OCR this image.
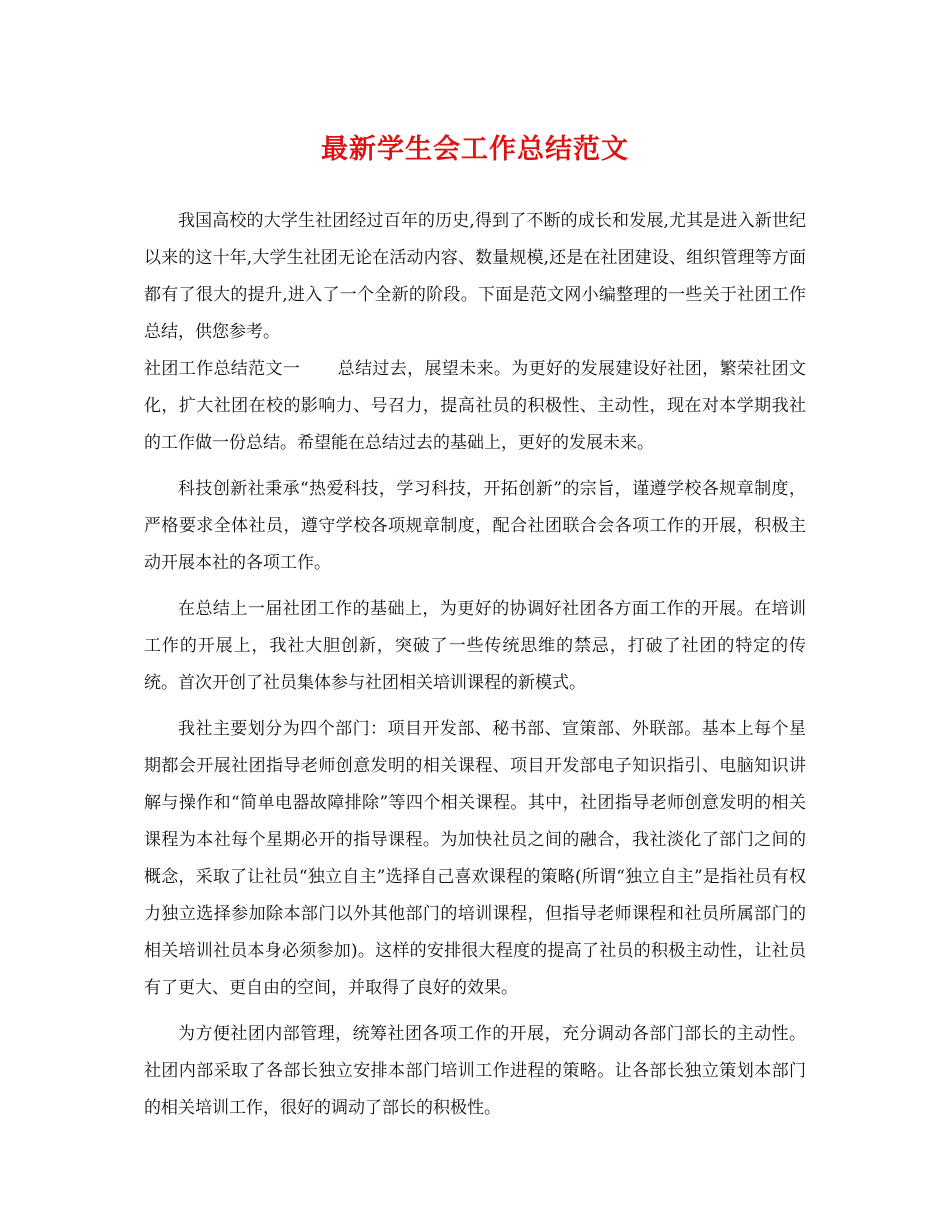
最新学生会工作总结范文

我国高校的大学生社团经过百年的历史,得到了不断的成长和发展,尤其是进入新世纪以来的这十年,大学生社团无论在活动内容、数量规模,还是在社团建设、组织管理等方面都有了很大的提升,进入了一个全新的阶段。下面是范文网小编整理的一些关于社团工作总结，供您参考。

社团工作总结范文一 总结过去，展望未来。为更好的发展建设好社团，繁荣社团文化，扩大社团在校的影响力、号召力，提高社员的积极性、主动性，现在对本学期我社的工作做一份总结。希望能在总结过去的基础上，更好的发展未来。

科技创新社秉承“热爱科技，学习科技，开拓创新”的宗旨，谨遵学校各规章制度，严格要求全体社员，遵守学校各项规章制度，配合社团联合会各项工作的开展，积极主动开展本社的各项工作。

在总结上一届社团工作的基础上，为更好的协调好社团各方面工作的开展。在培训工作的开展上，我社大胆创新，突破了一些传统思维的禁忌，打破了社团的特定的传统。首次开创了社员集体参与社团相关培训课程的新模式。

我社主要划分为四个部门：项目开发部、秘书部、宣策部、外联部。基本上每个星期都会开展社团指导老师创意发明的相关课程、项目开发部电子知识指引、电脑知识讲解与操作和“简单电器故障排除”等四个相关课程。其中，社团指导老师创意发明的相关课程为本社每个星期必开的指导课程。为加快社员之间的融合，我社淡化了部门之间的概念，采取了让社员“独立自主”选择自己喜欢课程的策略(所谓“独立自主”是指社员有权力独立选择参加除本部门以外其他部门的培训课程，但指导老师课程和社员所属部门的相关培训社员本身必须参加)。这样的安排很大程度的提高了社员的积极主动性，让社员有了更大、更自由的空间，并取得了良好的效果。

为方便社团内部管理，统筹社团各项工作的开展，充分调动各部门部长的主动性。社团内部采取了各部长独立安排本部门培训工作进程的策略。让各部长独立策划本部门的相关培训工作，很好的调动了部长的积极性。
